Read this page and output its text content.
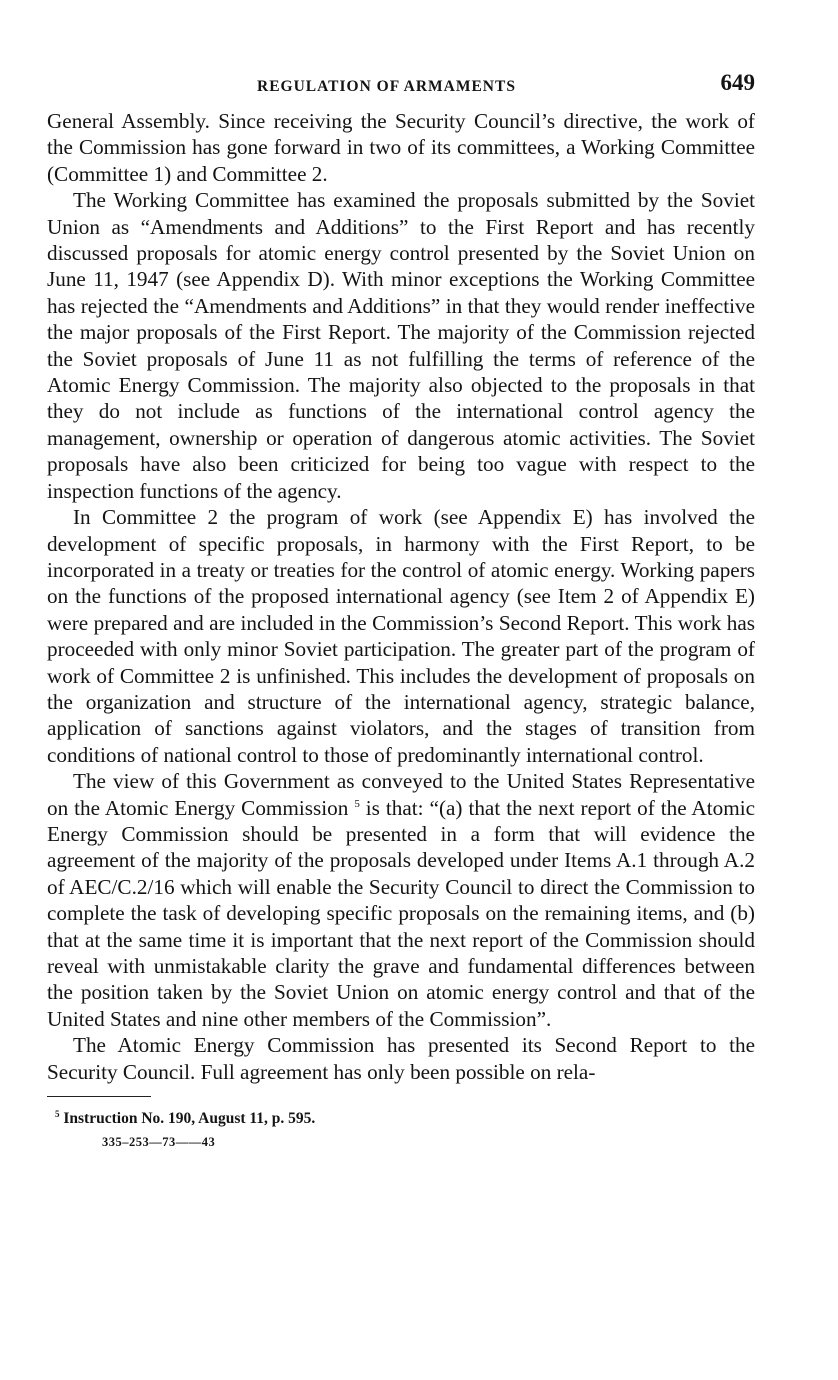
REGULATION OF ARMAMENTS	649

General Assembly. Since receiving the Security Council’s directive, the work of the Commission has gone forward in two of its committees, a Working Committee (Committee 1) and Committee 2.

The Working Committee has examined the proposals submitted by the Soviet Union as “Amendments and Additions” to the First Report and has recently discussed proposals for atomic energy control presented by the Soviet Union on June 11, 1947 (see Appendix D). With minor exceptions the Working Committee has rejected the “Amendments and Additions” in that they would render ineffective the major proposals of the First Report. The majority of the Commission rejected the Soviet proposals of June 11 as not fulfilling the terms of reference of the Atomic Energy Commission. The majority also objected to the proposals in that they do not include as functions of the international control agency the management, ownership or operation of dangerous atomic activities. The Soviet proposals have also been criticized for being too vague with respect to the inspection functions of the agency.

In Committee 2 the program of work (see Appendix E) has involved the development of specific proposals, in harmony with the First Report, to be incorporated in a treaty or treaties for the control of atomic energy. Working papers on the functions of the proposed international agency (see Item 2 of Appendix E) were prepared and are included in the Commission’s Second Report. This work has proceeded with only minor Soviet participation. The greater part of the program of work of Committee 2 is unfinished. This includes the development of proposals on the organization and structure of the international agency, strategic balance, application of sanctions against violators, and the stages of transition from conditions of national control to those of predominantly international control.

The view of this Government as conveyed to the United States Representative on the Atomic Energy Commission $^5$ is that: “(a) that the next report of the Atomic Energy Commission should be presented in a form that will evidence the agreement of the majority of the proposals developed under Items A.1 through A.2 of AEC/C.2/16 which will enable the Security Council to direct the Commission to complete the task of developing specific proposals on the remaining items, and (b) that at the same time it is important that the next report of the Commission should reveal with unmistakable clarity the grave and fundamental differences between the position taken by the Soviet Union on atomic energy control and that of the United States and nine other members of the Commission”.

The Atomic Energy Commission has presented its Second Report to the Security Council. Full agreement has only been possible on rela-

$^5$ Instruction No. 190, August 11, p. 595.
335–253—73——43
